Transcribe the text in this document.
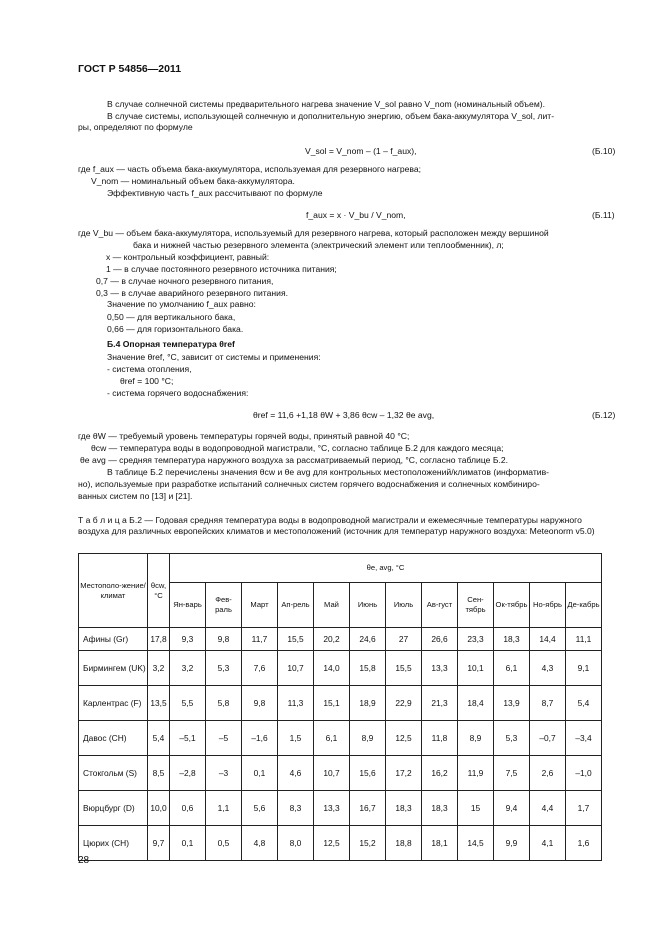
ГОСТ Р 54856—2011
В случае солнечной системы предварительного нагрева значение V_sol равно V_nom (номинальный объем).
В случае системы, использующей солнечную и дополнительную энергию, объем бака-аккумулятора V_sol, лит-
ры, определяют по формуле
V_sol = V_nom – (1 – f_aux),	(Б.10)
где f_aux — часть объема бака-аккумулятора, используемая для резервного нагрева;
V_nom — номинальный объем бака-аккумулятора.
Эффективную часть f_aux рассчитывают по формуле
f_aux = x · V_bu / V_nom,	(Б.11)
где V_bu — объем бака-аккумулятора, используемый для резервного нагрева, который расположен между вершиной
бака и нижней частью резервного элемента (электрический элемент или теплообменник), л;
x — контрольный коэффициент, равный:
1 — в случае постоянного резервного источника питания;
0,7 — в случае ночного резервного питания,
0,3 — в случае аварийного резервного питания.
Значение по умолчанию f_aux равно:
0,50 — для вертикального бака,
0,66 — для горизонтального бака.
Б.4 Опорная температура θref
Значение θref, °С, зависит от системы и применения:
- система отопления,
θref = 100 °С;
- система горячего водоснабжения:
θref = 11,6 +1,18 θW + 3,86 θcw – 1,32 θe avg,	(Б.12)
где θW — требуемый уровень температуры горячей воды, принятый равной 40 °С;
θcw — температура воды в водопроводной магистрали, °С, согласно таблице Б.2 для каждого месяца;
θe avg — средняя температура наружного воздуха за рассматриваемый период, °С, согласно таблице Б.2.
В таблице Б.2 перечислены значения θcw и θe avg для контрольных местоположений/климатов (информатив-
но), используемые при разработке испытаний солнечных систем горячего водоснабжения и солнечных комбиниро-
ванных систем по [13] и [21].
Т а б л и ц а Б.2 — Годовая средняя температура воды в водопроводной магистрали и ежемесячные температуры наружного воздуха для различных европейских климатов и местоположений (источник для температур наружного воздуха: Meteonorm v5.0)
Местополо-жение/климат	θcw, °С	θe, avg, °С											
		Ян-варь	Фев-раль	Март	Ап-рель	Май	Июнь	Июль	Ав-густ	Сен-тябрь	Ок-тябрь	Но-ябрь	Де-кабрь
Афины (Gr)	17,8	9,3	9,8	11,7	15,5	20,2	24,6	27	26,6	23,3	18,3	14,4	11,1
Бирмингем (UK)	3,2	3,2	5,3	7,6	10,7	14,0	15,8	15,5	13,3	10,1	6,1	4,3	9,1
Карлентрас (F)	13,5	5,5	5,8	9,8	11,3	15,1	18,9	22,9	21,3	18,4	13,9	8,7	5,4
Давос (CH)	5,4	–5,1	–5	–1,6	1,5	6,1	8,9	12,5	11,8	8,9	5,3	–0,7	–3,4
Стокгольм (S)	8,5	–2,8	–3	0,1	4,6	10,7	15,6	17,2	16,2	11,9	7,5	2,6	–1,0
Вюрцбург (D)	10,0	0,6	1,1	5,6	8,3	13,3	16,7	18,3	18,3	15	9,4	4,4	1,7
Цюрих (CH)	9,7	0,1	0,5	4,8	8,0	12,5	15,2	18,8	18,1	14,5	9,9	4,1	1,6
28
